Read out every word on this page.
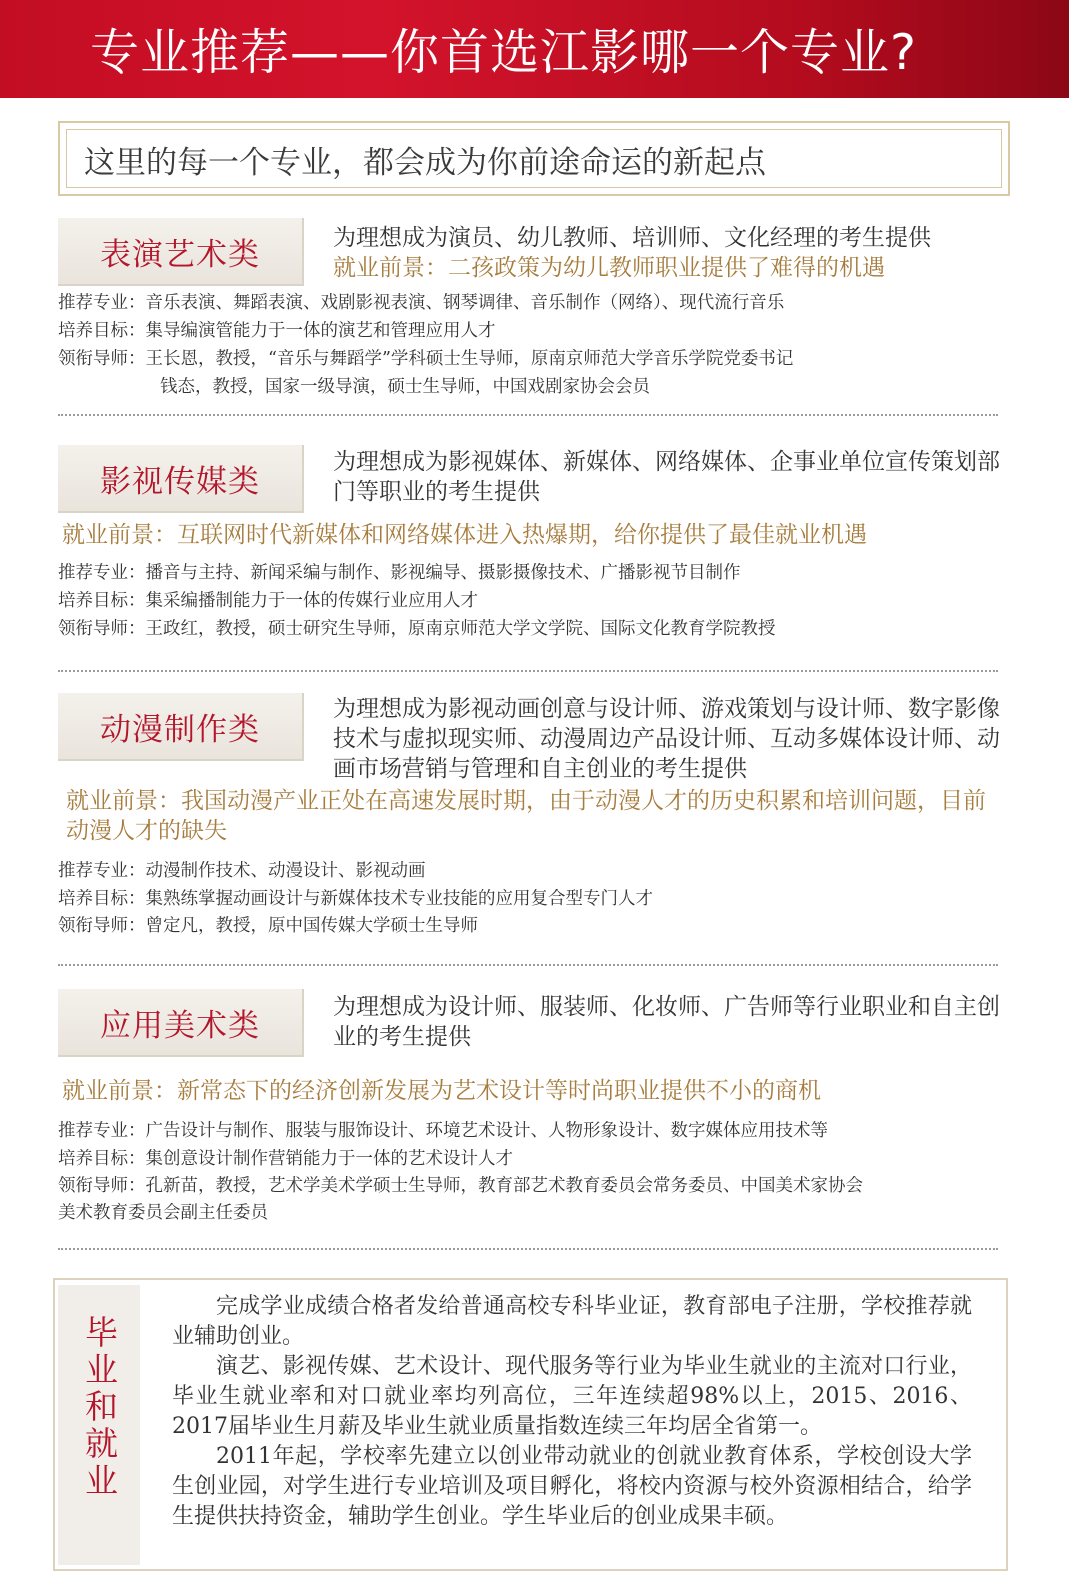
专业推荐——你首选江影哪一个专业?
这里的每一个专业，都会成为你前途命运的新起点
表演艺术类	为理想成为演员、幼儿教师、培训师、文化经理的考生提供
就业前景：二孩政策为幼儿教师职业提供了难得的机遇
推荐专业：音乐表演、舞蹈表演、戏剧影视表演、钢琴调律、音乐制作（网络）、现代流行音乐
培养目标：集导编演管能力于一体的演艺和管理应用人才
领衔导师：王长恩，教授，“音乐与舞蹈学”学科硕士生导师，原南京师范大学音乐学院党委书记
钱态，教授，国家一级导演，硕士生导师，中国戏剧家协会会员
影视传媒类
为理想成为影视媒体、新媒体、网络媒体、企事业单位宣传策划部门等职业的考生提供
就业前景：互联网时代新媒体和网络媒体进入热爆期，给你提供了最佳就业机遇
推荐专业：播音与主持、新闻采编与制作、影视编导、摄影摄像技术、广播影视节目制作
培养目标：集采编播制能力于一体的传媒行业应用人才
领衔导师：王政红，教授，硕士研究生导师，原南京师范大学文学院、国际文化教育学院教授
动漫制作类
为理想成为影视动画创意与设计师、游戏策划与设计师、数字影像技术与虚拟现实师、动漫周边产品设计师、互动多媒体设计师、动画市场营销与管理和自主创业的考生提供
就业前景：我国动漫产业正处在高速发展时期，由于动漫人才的历史积累和培训问题，目前动漫人才的缺失
推荐专业：动漫制作技术、动漫设计、影视动画
培养目标：集熟练掌握动画设计与新媒体技术专业技能的应用复合型专门人才
领衔导师：曾定凡，教授，原中国传媒大学硕士生导师
应用美术类
为理想成为设计师、服装师、化妆师、广告师等行业职业和自主创业的考生提供
就业前景：新常态下的经济创新发展为艺术设计等时尚职业提供不小的商机
推荐专业：广告设计与制作、服装与服饰设计、环境艺术设计、人物形象设计、数字媒体应用技术等
培养目标：集创意设计制作营销能力于一体的艺术设计人才
领衔导师：孔新苗，教授，艺术学美术学硕士生导师，教育部艺术教育委员会常务委员、中国美术家协会
美术教育委员会副主任委员
毕业和就业

完成学业成绩合格者发给普通高校专科毕业证，教育部电子注册，学校推荐就业辅助创业。

演艺、影视传媒、艺术设计、现代服务等行业为毕业生就业的主流对口行业，毕业生就业率和对口就业率均列高位，三年连续超98%以上，2015、2016、2017届毕业生月薪及毕业生就业质量指数连续三年均居全省第一。

2011年起，学校率先建立以创业带动就业的创就业教育体系，学校创设大学生创业园，对学生进行专业培训及项目孵化，将校内资源与校外资源相结合，给学生提供扶持资金，辅助学生创业。学生毕业后的创业成果丰硕。
